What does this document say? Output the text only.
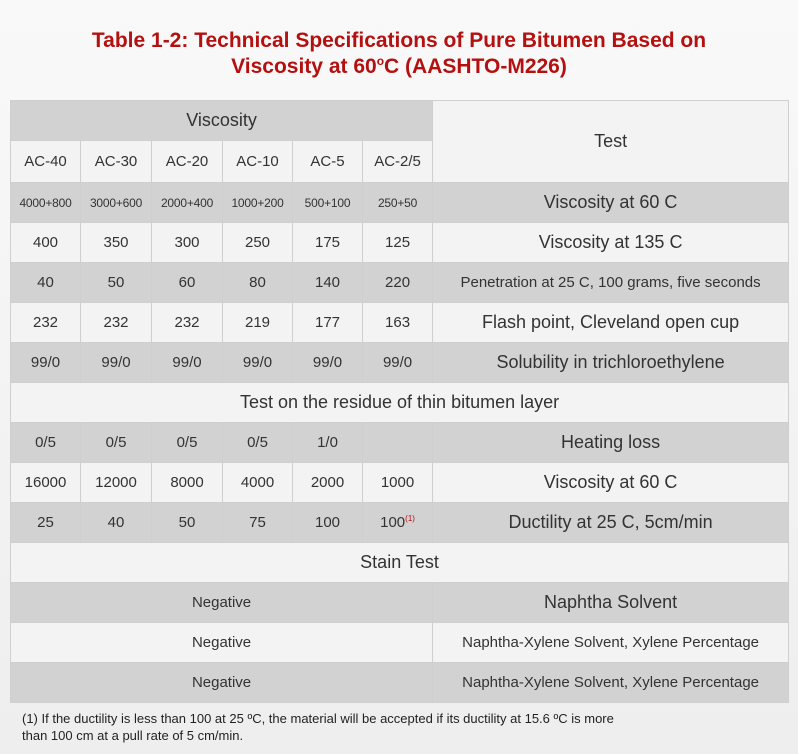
Table 1-2: Technical Specifications of Pure Bitumen Based on
Viscosity at 60$^o$C (AASHTO-M226)
Viscosity						Test
AC-40	AC-30	AC-20	AC-10	AC-5	AC-2/5	
4000+800	3000+600	2000+400	1000+200	500+100	250+50	Viscosity at 60 C
400	350	300	250	175	125	Viscosity at 135 C
40	50	60	80	140	220	Penetration at 25 C, 100 grams, five seconds
232	232	232	219	177	163	Flash point, Cleveland open cup
99/0	99/0	99/0	99/0	99/0	99/0	Solubility in trichloroethylene
Test on the residue of thin bitumen layer						
0/5	0/5	0/5	0/5	1/0		Heating loss
16000	12000	8000	4000	2000	1000	Viscosity at 60 C
25	40	50	75	100	100$^{(1)}$	Ductility at 25 C, 5cm/min
Stain Test						
Negative						Naphtha Solvent
Negative						Naphtha-Xylene Solvent, Xylene Percentage
Negative						Naphtha-Xylene Solvent, Xylene Percentage
(1) If the ductility is less than 100 at 25 ºC, the material will be accepted if its ductility at 15.6 ºC is more
than 100 cm at a pull rate of 5 cm/min.
